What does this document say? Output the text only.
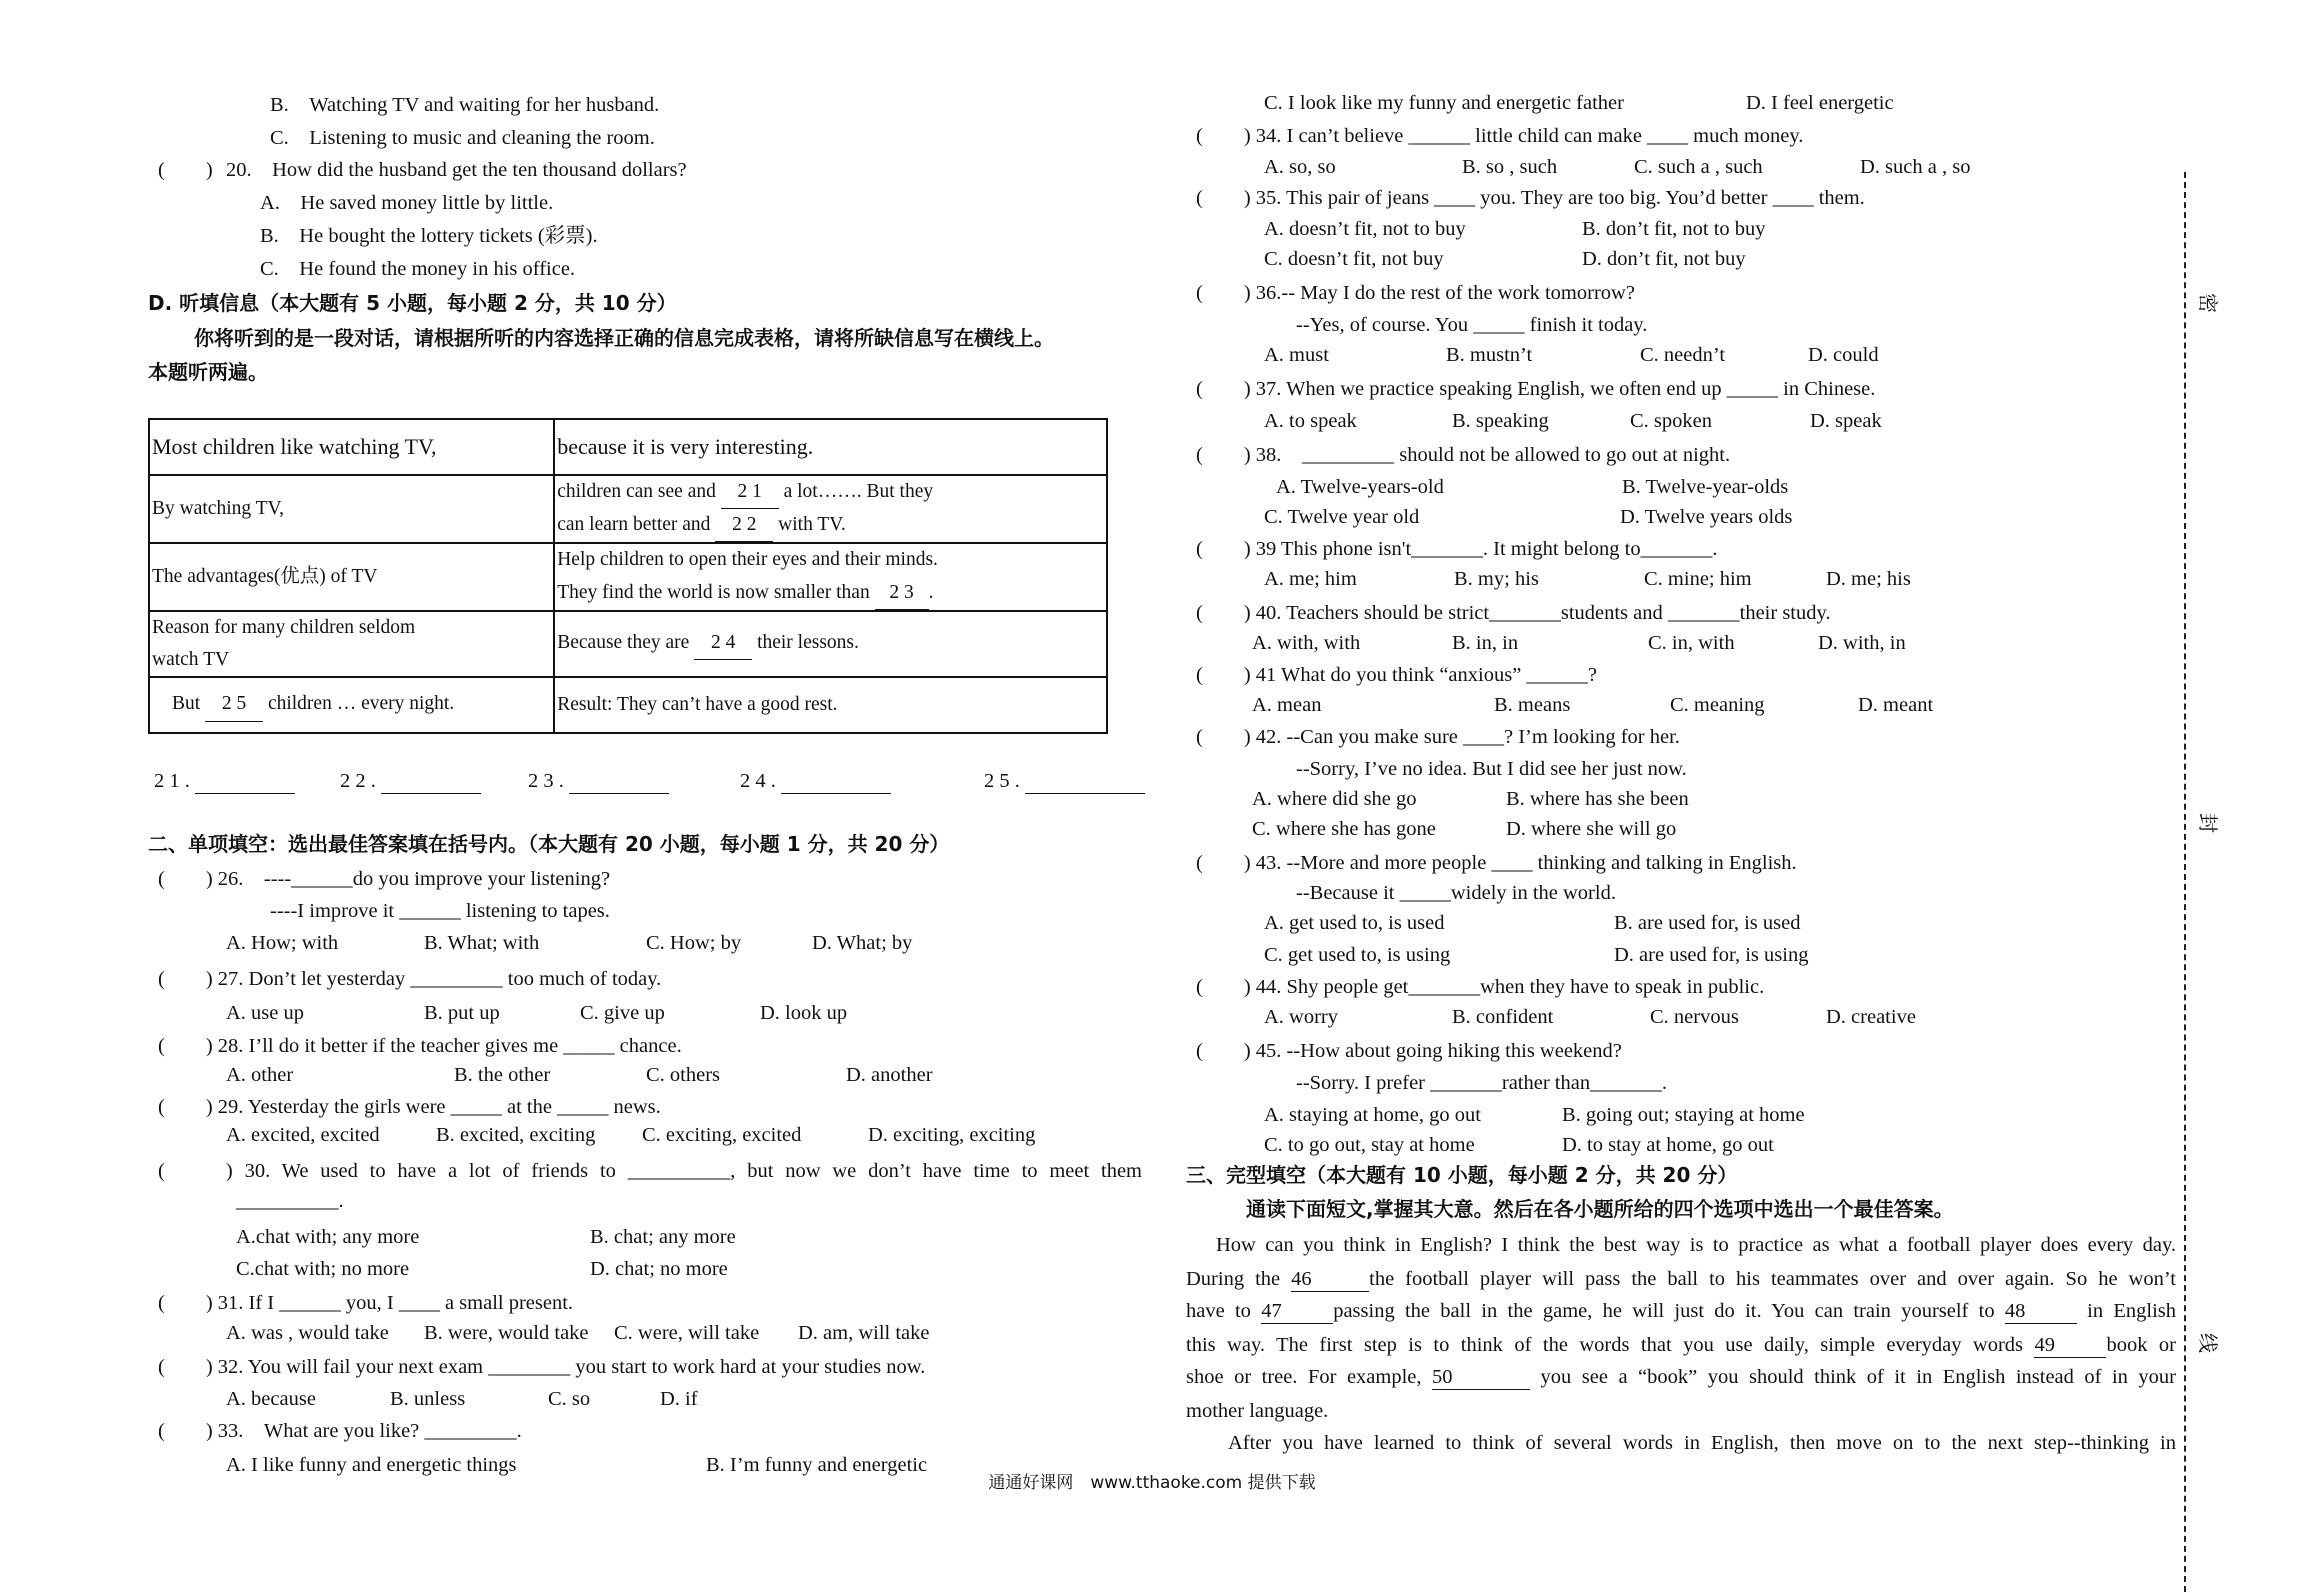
B.　Watching TV and waiting for her husband.
C.　Listening to music and cleaning the room.
(　　) 20.　How did the husband get the ten thousand dollars?
A.　He saved money little by little.
B.　He bought the lottery tickets (彩票).
C.　He found the money in his office.
D. 听填信息（本大题有 5 小题，每小题 2 分，共 10 分）
你将听到的是一段对话，请根据所听的内容选择正确的信息完成表格，请将所缺信息写在横线上。
本题听两遍。
Most children like watching TV,	because it is very interesting.
By watching TV,	children can see and 2 1 a lot……. But they
can learn better and 2 2 with TV.
The advantages(优点) of TV	Help children to open their eyes and their minds.
They find the world is now smaller than 2 3 .
Reason for many children seldom
watch TV	Because they are 2 4 their lessons.
But 2 5 children … every night.	Result: They can’t have a good rest.
2 1 .	2 2 .	2 3 .	2 4 .	2 5 .
二、单项填空：选出最佳答案填在括号内。（本大题有 20 小题，每小题 1 分，共 20 分）
(　　) 26.　----______do you improve your listening?
----I improve it ______ listening to tapes.
A. How; with	B. What; with	C. How; by	D. What; by
(　　) 27. Don’t let yesterday _________ too much of today.
A. use up	B. put up	C. give up	D. look up
(　　) 28. I’ll do it better if the teacher gives me _____ chance.
A. other	B. the other	C. others	D. another
(　　) 29. Yesterday the girls were _____ at the _____ news.
A. excited, excited	B. excited, exciting C. exciting, excited	D. exciting, exciting
(　　) 30. We used to have a lot of friends to __________, but now we don’t have time to meet them
__________.
A.chat with; any more	B. chat; any more
C.chat with; no more	D. chat; no more
(　　) 31. If I ______ you, I ____ a small present.
A. was , would take B. were, would take C. were, will take D. am, will take
(　　) 32. You will fail your next exam ________ you start to work hard at your studies now.
A. because	B. unless	C. so	D. if
(　　) 33.　What are you like? _________.
A. I like funny and energetic things	B. I’m funny and energetic
C. I look like my funny and energetic father	D. I feel energetic
(　　) 34. I can’t believe ______ little child can make ____ much money.
A. so, so	B. so , such	C. such a , such	D. such a , so
(　　) 35. This pair of jeans ____ you. They are too big. You’d better ____ them.
A. doesn’t fit, not to buy	B. don’t fit, not to buy
C. doesn’t fit, not buy	D. don’t fit, not buy
(　　) 36.-- May I do the rest of the work tomorrow?
--Yes, of course. You _____ finish it today.
A. must	B. mustn’t	C. needn’t	D. could
(　　) 37. When we practice speaking English, we often end up _____ in Chinese.
A. to speak	B. speaking	C. spoken	D. speak
(　　) 38.　_________ should not be allowed to go out at night.
A. Twelve-years-old	B. Twelve-year-olds
C. Twelve year old	D. Twelve years olds
(　　) 39 This phone isn't_______. It might belong to_______.
A. me; him	B. my; his	C. mine; him	D. me; his
(　　) 40. Teachers should be strict_______students and _______their study.
A. with, with	B. in, in	C. in, with	D. with, in
(　　) 41 What do you think “anxious” ______?
A. mean	B. means	C. meaning	D. meant
(　　) 42. --Can you make sure ____? I’m looking for her.
--Sorry, I’ve no idea. But I did see her just now.
A. where did she go	B. where has she been
C. where she has gone	D. where she will go
(　　) 43. --More and more people ____ thinking and talking in English.
--Because it _____widely in the world.
A. get used to, is used	B. are used for, is used
C. get used to, is using	D. are used for, is using
(　　) 44. Shy people get_______when they have to speak in public.
A. worry	B. confident	C. nervous	D. creative
(　　) 45. --How about going hiking this weekend?
--Sorry. I prefer _______rather than_______.
A. staying at home, go out	B. going out; staying at home
C. to go out, stay at home	D. to stay at home, go out
三、完型填空（本大题有 10 小题，每小题 2 分，共 20 分）
通读下面短文,掌握其大意。然后在各小题所给的四个选项中选出一个最佳答案。
How can you think in English? I think the best way is to practice as what a football player does every day.
During the 46	the football player will pass the ball to his teammates over and over again. So he won’t
have to 47	passing the ball in the game, he will just do it. You can train yourself to 48	in English
this way. The first step is to think of the words that you use daily, simple everyday words 49	book or
shoe or tree. For example, 50	you see a “book” you should think of it in English instead of in your
mother language.
After you have learned to think of several words in English, then move on to the next step--thinking in
密
封
线
通通好课网　www.tthaoke.com 提供下载
